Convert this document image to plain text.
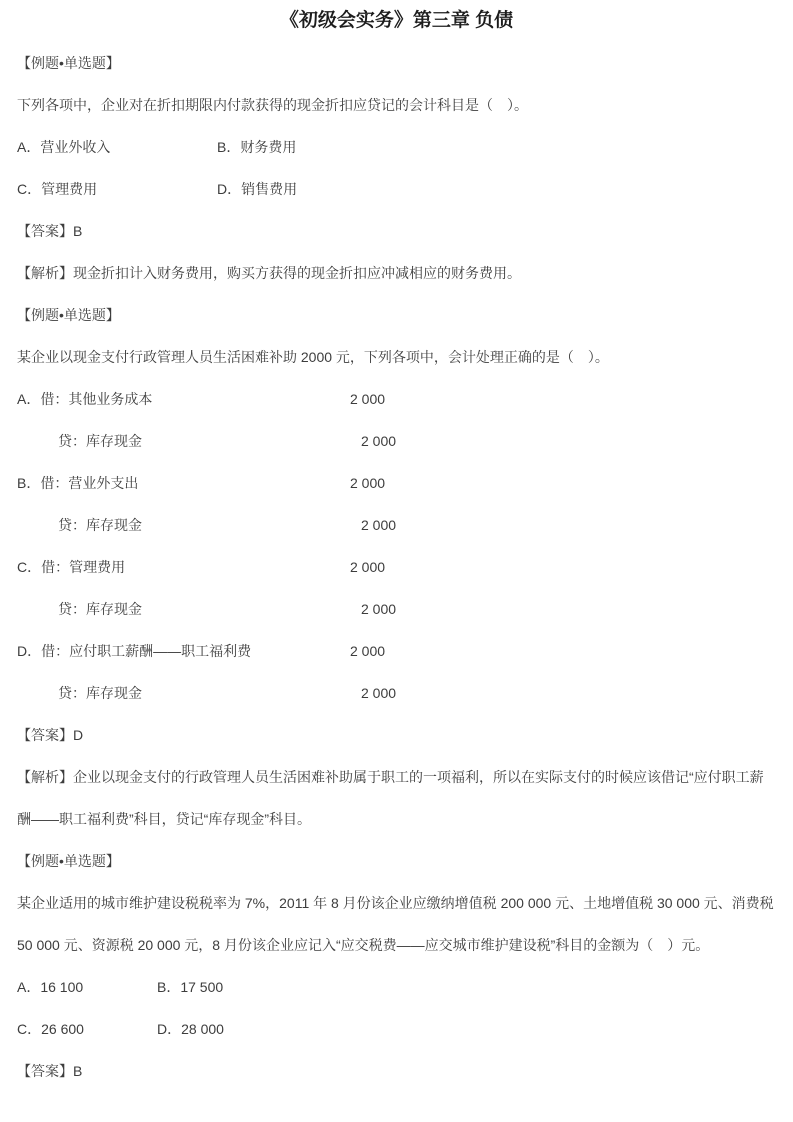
《初级会实务》第三章 负债
【例题•单选题】
下列各项中，企业对在折扣期限内付款获得的现金折扣应贷记的会计科目是（　）。
A．营业外收入	B．财务费用
C．管理费用	D．销售费用
【答案】B
【解析】现金折扣计入财务费用，购买方获得的现金折扣应冲减相应的财务费用。
【例题•单选题】
某企业以现金支付行政管理人员生活困难补助 2000 元，下列各项中，会计处理正确的是（　）。
A．借：其他业务成本	2 000
贷：库存现金	2 000
B．借：营业外支出	2 000
贷：库存现金	2 000
C．借：管理费用	2 000
贷：库存现金	2 000
D．借：应付职工薪酬——职工福利费	2 000
贷：库存现金	2 000
【答案】D
【解析】企业以现金支付的行政管理人员生活困难补助属于职工的一项福利，所以在实际支付的时候应该借记“应付职工薪
酬——职工福利费”科目，贷记“库存现金”科目。
【例题•单选题】
某企业适用的城市维护建设税税率为 7%，2011 年 8 月份该企业应缴纳增值税 200 000 元、土地增值税 30 000 元、消费税
50 000 元、资源税 20 000 元，8 月份该企业应记入“应交税费——应交城市维护建设税”科目的金额为（　）元。
A．16 100	B．17 500
C．26 600	D．28 000
【答案】B
